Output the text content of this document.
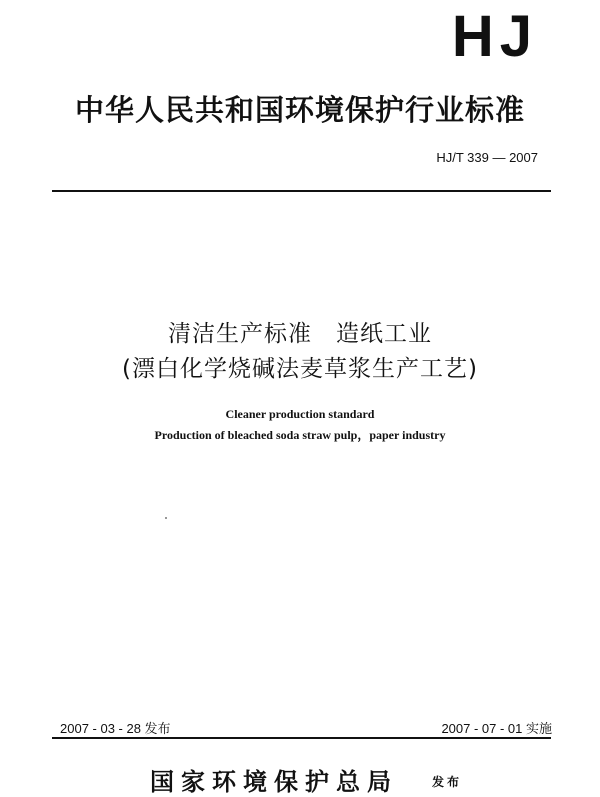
HJ
中华人民共和国环境保护行业标准
HJ/T 339 — 2007
清洁生产标准　造纸工业
(漂白化学烧碱法麦草浆生产工艺)
Cleaner production standard
Production of bleached soda straw pulp，paper industry
2007 - 03 - 28 发布	2007 - 07 - 01 实施
国家环境保护总局	发布
